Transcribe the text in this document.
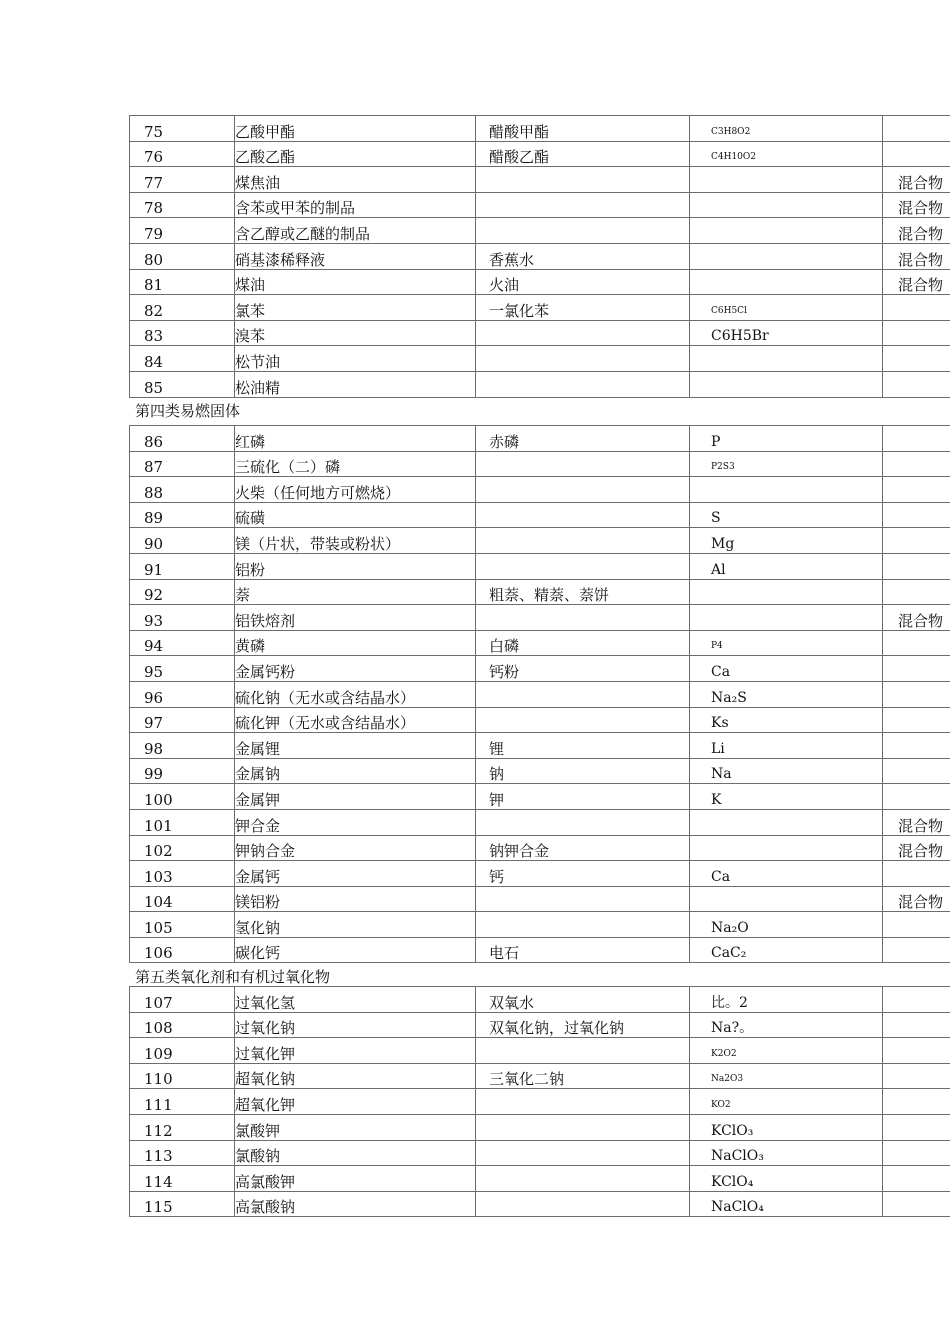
75	乙酸甲酯	醋酸甲酯	C3H8O2	
76	乙酸乙酯	醋酸乙酯	C4H10O2	
77	煤焦油			混合物
78	含苯或甲苯的制品			混合物
79	含乙醇或乙醚的制品			混合物
80	硝基漆稀释液	香蕉水		混合物
81	煤油	火油		混合物
82	氯苯	一氯化苯	C6H5Cl	
83	溴苯		C6H5Br	
84	松节油			
85	松油精			
第四类易燃固体
86	红磷	赤磷	P	
87	三硫化（二）磷		P2S3	
88	火柴（任何地方可燃烧）			
89	硫磺		S	
90	镁（片状，带装或粉状）		Mg	
91	铝粉		Al	
92	萘	粗萘、精萘、萘饼		
93	铝铁熔剂			混合物
94	黄磷	白磷	P4	
95	金属钙粉	钙粉	Ca	
96	硫化钠（无水或含结晶水）		Na₂S	
97	硫化钾（无水或含结晶水）		Ks	
98	金属锂	锂	Li	
99	金属钠	钠	Na	
100	金属钾	钾	K	
101	钾合金			混合物
102	钾钠合金	钠钾合金		混合物
103	金属钙	钙	Ca	
104	镁铝粉			混合物
105	氢化钠		Na₂O	
106	碳化钙	电石	CaC₂	
第五类氧化剂和有机过氧化物
107	过氧化氢	双氧水	比。2	
108	过氧化钠	双氧化钠，过氧化钠	Na?。	
109	过氧化钾		K2O2	
110	超氧化钠	三氧化二钠	Na2O3	
111	超氧化钾		KO2	
112	氯酸钾		KClO₃	
113	氯酸钠		NaClO₃	
114	高氯酸钾		KClO₄	
115	高氯酸钠		NaClO₄	
